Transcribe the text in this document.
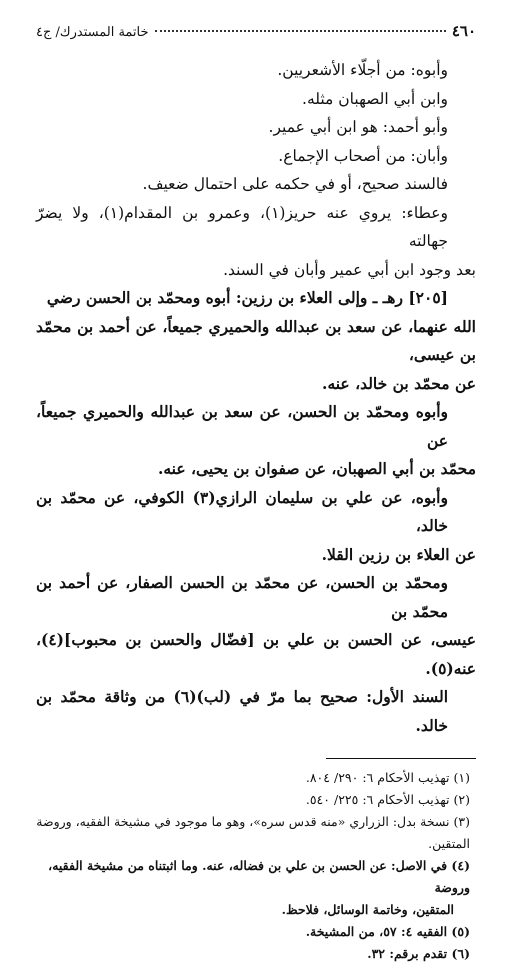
٤٦٠
خاتمة المستدرك/ ج٤

وأبوه: من أجلّاء الأشعريين.

وابن أبي الصهبان مثله.

وأبو أحمد: هو ابن أبي عمير.

وأبان: من أصحاب الإجماع.

فالسند صحيح، أو في حكمه على احتمال ضعيف.

وعطاء: يروي عنه حريز(١)، وعمرو بن المقدام(١)، ولا يضرّ جهالته

بعد وجود ابن أبي عمير وأبان في السند.

[٢٠٥] رهـ ـ وإلى العلاء بن رزين: أبوه ومحمّد بن الحسن رضي

الله عنهما، عن سعد بن عبدالله والحميري جميعاً، عن أحمد بن محمّد بن عيسى،

عن محمّد بن خالد، عنه.

وأبوه ومحمّد بن الحسن، عن سعد بن عبدالله والحميري جميعاً، عن

محمّد بن أبي الصهبان، عن صفوان بن يحيى، عنه.

وأبوه، عن علي بن سليمان الرازي(٣) الكوفي، عن محمّد بن خالد،

عن العلاء بن رزين القلا.

ومحمّد بن الحسن، عن محمّد بن الحسن الصفار، عن أحمد بن محمّد بن

عيسى، عن الحسن بن علي بن [فضّال والحسن بن محبوب](٤)، عنه(٥).

السند الأول: صحيح بما مرّ في (لب)(٦) من وثاقة محمّد بن خالد.

(١) تهذيب الأحكام ٦: ٢٩٠/ ٨٠٤.

(٢) تهذيب الأحكام ٦: ٢٢٥/ ٥٤٠.

(٣) نسخة بدل: الزراري «منه قدس سره»، وهو ما موجود في مشيخة الفقيه، وروضة المتقين.

(٤) في الاصل: عن الحسن بن علي بن فضاله، عنه. وما اثبتناه من مشيخة الفقيه، وروضة

المتقين، وخاتمة الوسائل، فلاحظ.

(٥) الفقيه ٤: ٥٧، من المشيخة.

(٦) تقدم برقم: ٣٢.
